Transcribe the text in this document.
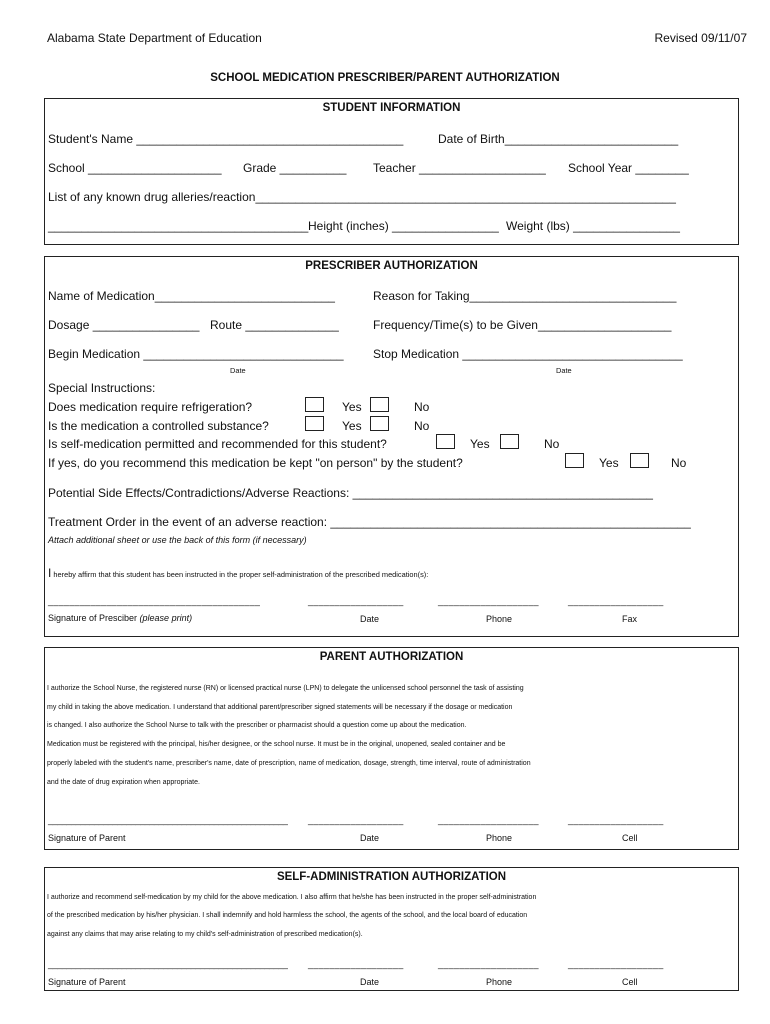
Alabama State Department of Education	Revised 09/11/07
SCHOOL MEDICATION PRESCRIBER/PARENT AUTHORIZATION
STUDENT INFORMATION
Student's Name ________________________________________	Date of Birth__________________________
School ____________________ Grade __________ Teacher ___________________ School Year ________
List of any known drug alleries/reaction_______________________________________________________________
_______________________________________ Height (inches) ________________ Weight (lbs) ________________
PRESCRIBER AUTHORIZATION
Name of Medication___________________________	Reason for Taking_______________________________
Dosage ________________ Route ______________	Frequency/Time(s) to be Given____________________
Begin Medication ______________________________ Stop Medication _________________________________
Date	Date
Special Instructions:
Does medication require refrigeration?	Yes	No
Is the medication a controlled substance?	Yes	No
Is self-medication permitted and recommended for this student?	Yes	No
If yes, do you recommend this medication be kept "on person" by the student?	Yes	No
Potential Side Effects/Contradictions/Adverse Reactions: _____________________________________________
Treatment Order in the event of an adverse reaction: ______________________________________________________
Attach additional sheet or use the back of this form (if necessary)
I hereby affirm that this student has been instructed in the proper self-administration of the prescribed medication(s):
________________________________________	__________________	___________________	__________________
Signature of Presciber (please print)	Date	Phone	Fax
PARENT AUTHORIZATION
I authorize the School Nurse, the registered nurse (RN) or licensed practical nurse (LPN) to delegate the unlicensed school personnel the task of assisting
my child in taking the above medication. I understand that additional parent/prescriber signed statements will be necessary if the dosage or medication
is changed. I also authorize the School Nurse to talk with the prescriber or pharmacist should a question come up about the medication.
Medication must be registered with the principal, his/her designee, or the school nurse. It must be in the original, unopened, sealed container and be
properly labeled with the student's name, prescriber's name, date of prescription, name of medication, dosage, strength, time interval, route of administration
and the date of drug expiration when appropriate.
____________________________________________________ __________________	___________________	__________________
Signature of Parent	Date	Phone	Cell
SELF-ADMINISTRATION AUTHORIZATION
I authorize and recommend self-medication by my child for the above medication. I also affirm that he/she has been instructed in the proper self-administration
of the prescribed medication by his/her physician. I shall indemnify and hold harmless the school, the agents of the school, and the local board of education
against any claims that may arise relating to my child's self-administration of prescribed medication(s).
____________________________________________________ __________________	___________________	__________________
Signature of Parent	Date	Phone	Cell
